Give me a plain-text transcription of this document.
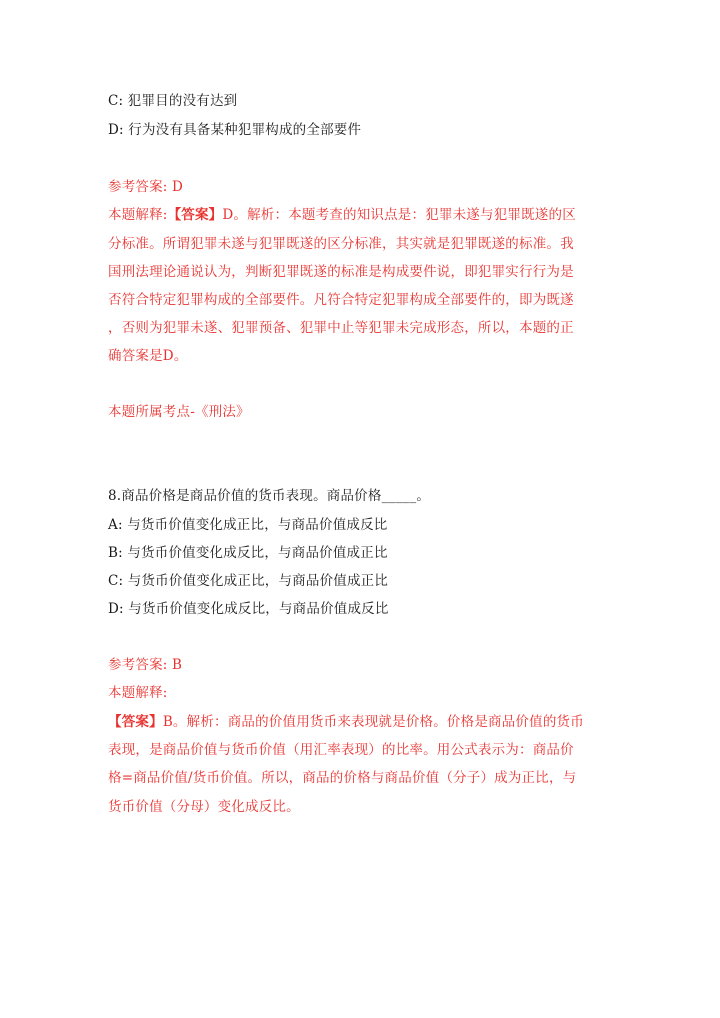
C: 犯罪目的没有达到
D: 行为没有具备某种犯罪构成的全部要件
参考答案: D
本题解释:【答案】D。解析：本题考查的知识点是：犯罪未遂与犯罪既遂的区
分标准。所谓犯罪未遂与犯罪既遂的区分标准，其实就是犯罪既遂的标准。我
国刑法理论通说认为，判断犯罪既遂的标准是构成要件说，即犯罪实行行为是
否符合特定犯罪构成的全部要件。凡符合特定犯罪构成全部要件的，即为既遂
，否则为犯罪未遂、犯罪预备、犯罪中止等犯罪未完成形态，所以，本题的正
确答案是D。
本题所属考点-《刑法》
8.商品价格是商品价值的货币表现。商品价格_____。
A: 与货币价值变化成正比，与商品价值成反比
B: 与货币价值变化成反比，与商品价值成正比
C: 与货币价值变化成正比，与商品价值成正比
D: 与货币价值变化成反比，与商品价值成反比
参考答案: B
本题解释:
【答案】B。解析：商品的价值用货币来表现就是价格。价格是商品价值的货币
表现，是商品价值与货币价值（用汇率表现）的比率。用公式表示为：商品价
格=商品价值/货币价值。所以，商品的价格与商品价值（分子）成为正比，与
货币价值（分母）变化成反比。
